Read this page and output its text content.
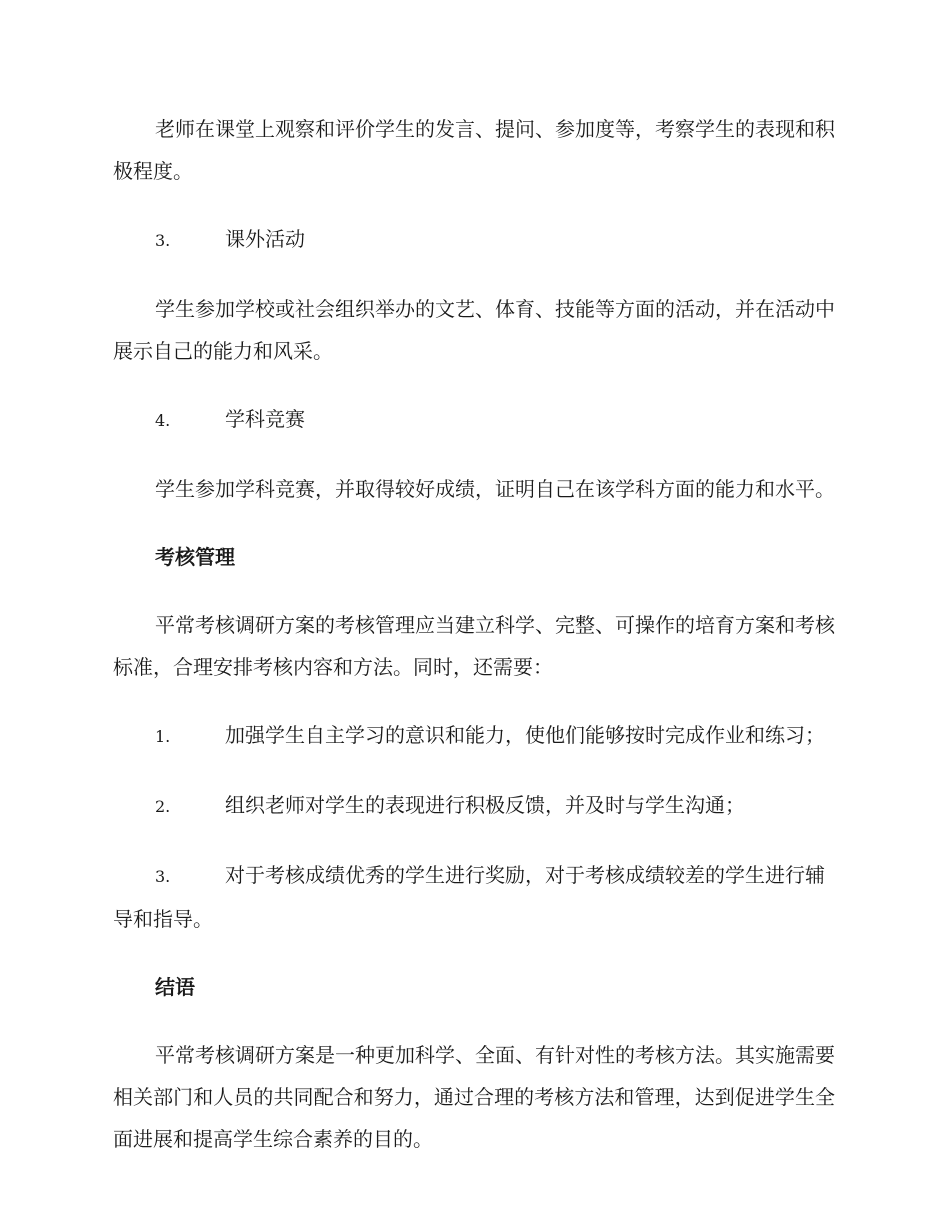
老师在课堂上观察和评价学生的发言、提问、参加度等，考察学生的表现和积极程度。

3.	课外活动

学生参加学校或社会组织举办的文艺、体育、技能等方面的活动，并在活动中展示自己的能力和风采。

4.	学科竞赛

学生参加学科竞赛，并取得较好成绩，证明自己在该学科方面的能力和水平。

考核管理

平常考核调研方案的考核管理应当建立科学、完整、可操作的培育方案和考核标准，合理安排考核内容和方法。同时，还需要：

1.	加强学生自主学习的意识和能力，使他们能够按时完成作业和练习；
2.	组织老师对学生的表现进行积极反馈，并及时与学生沟通；
3.	对于考核成绩优秀的学生进行奖励，对于考核成绩较差的学生进行辅导和指导。
结语

平常考核调研方案是一种更加科学、全面、有针对性的考核方法。其实施需要相关部门和人员的共同配合和努力，通过合理的考核方法和管理，达到促进学生全面进展和提高学生综合素养的目的。
